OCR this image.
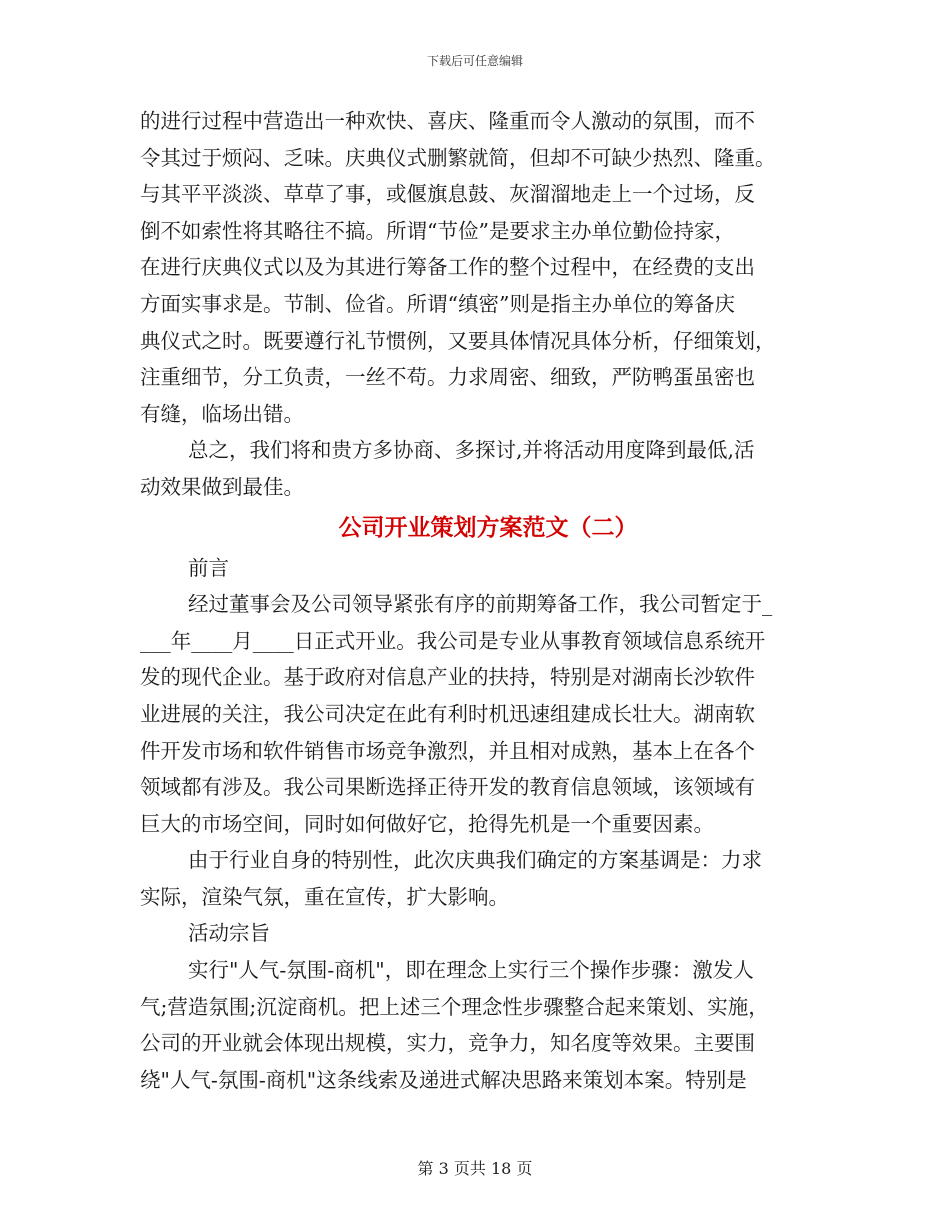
下载后可任意编辑
的进行过程中营造出一种欢快、喜庆、隆重而令人激动的氛围，而不
令其过于烦闷、乏味。庆典仪式删繁就简，但却不可缺少热烈、隆重。
与其平平淡淡、草草了事，或偃旗息鼓、灰溜溜地走上一个过场，反
倒不如索性将其略往不搞。所谓“节俭”是要求主办单位勤俭持家，
在进行庆典仪式以及为其进行筹备工作的整个过程中，在经费的支出
方面实事求是。节制、俭省。所谓“缜密”则是指主办单位的筹备庆
典仪式之时。既要遵行礼节惯例，又要具体情况具体分析，仔细策划，
注重细节，分工负责，一丝不苟。力求周密、细致，严防鸭蛋虽密也
有缝，临场出错。
总之，我们将和贵方多协商、多探讨,并将活动用度降到最低,活
动效果做到最佳。
公司开业策划方案范文（二）
前言
经过董事会及公司领导紧张有序的前期筹备工作，我公司暂定于_
___年____月____日正式开业。我公司是专业从事教育领域信息系统开
发的现代企业。基于政府对信息产业的扶持，特别是对湖南长沙软件
业进展的关注，我公司决定在此有利时机迅速组建成长壮大。湖南软
件开发市场和软件销售市场竞争激烈，并且相对成熟，基本上在各个
领域都有涉及。我公司果断选择正待开发的教育信息领域，该领域有
巨大的市场空间，同时如何做好它，抢得先机是一个重要因素。
由于行业自身的特别性，此次庆典我们确定的方案基调是：力求
实际，渲染气氛，重在宣传，扩大影响。
活动宗旨
实行"人气-氛围-商机"，即在理念上实行三个操作步骤：激发人
气;营造氛围;沉淀商机。把上述三个理念性步骤整合起来策划、实施，
公司的开业就会体现出规模，实力，竞争力，知名度等效果。主要围
绕"人气-氛围-商机"这条线索及递进式解决思路来策划本案。特别是
第 3 页共 18 页
